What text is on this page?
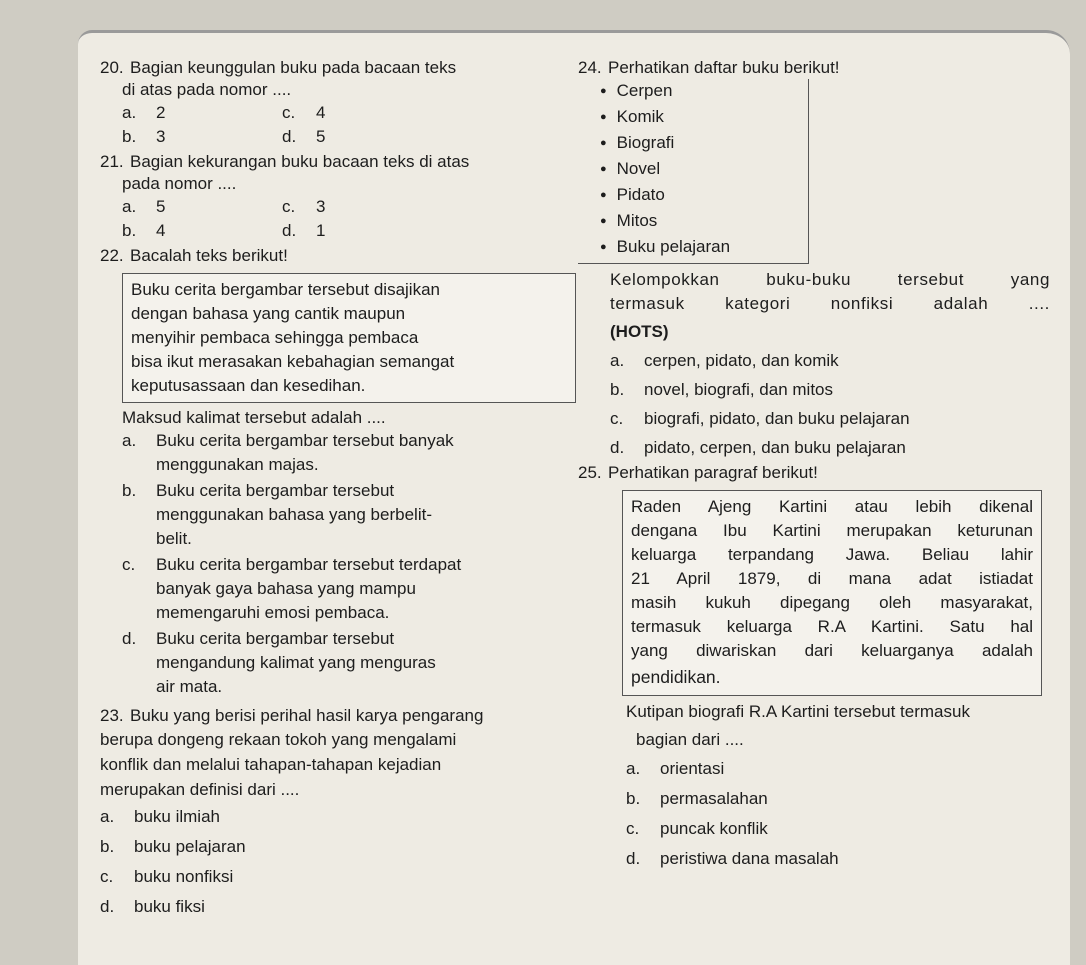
20. Bagian keunggulan buku pada bacaan teks

di atas pada nomor ....

a. 2	c. 4
b. 3	d. 5

21. Bagian kekurangan buku bacaan teks di atas

pada nomor ....

a. 5	c. 3
b. 4	d. 1

22. Bacalah teks berikut!

Buku cerita bergambar tersebut disajikan
dengan bahasa yang cantik maupun
menyihir pembaca sehingga pembaca
bisa ikut merasakan kebahagian semangat
keputusassaan dan kesedihan.

Maksud kalimat tersebut adalah ....

a. Buku cerita bergambar tersebut banyak
menggunakan majas.
b. Buku cerita bergambar tersebut
menggunakan bahasa yang berbelit-
belit.
c. Buku cerita bergambar tersebut terdapat
banyak gaya bahasa yang mampu
memengaruhi emosi pembaca.
d. Buku cerita bergambar tersebut
mengandung kalimat yang menguras
air mata.

23. Buku yang berisi perihal hasil karya pengarang

berupa dongeng rekaan tokoh yang mengalami

konflik dan melalui tahapan-tahapan kejadian

merupakan definisi dari ....

a. buku ilmiah
b. buku pelajaran
c. buku nonfiksi
d. buku fiksi

24. Perhatikan daftar buku berikut!

● Cerpen
● Komik
● Biografi
● Novel
● Pidato
● Mitos
● Buku pelajaran
Kelompokkan buku-buku tersebut yang
termasuk kategori nonfiksi adalah ....
(HOTS)
a. cerpen, pidato, dan komik
b. novel, biografi, dan mitos
c. biografi, pidato, dan buku pelajaran
d. pidato, cerpen, dan buku pelajaran

25. Perhatikan paragraf berikut!

Raden Ajeng Kartini atau lebih dikenal
dengana Ibu Kartini merupakan keturunan
keluarga terpandang Jawa. Beliau lahir
21 April 1879, di mana adat istiadat
masih kukuh dipegang oleh masyarakat,
termasuk keluarga R.A Kartini. Satu hal
yang diwariskan dari keluarganya adalah
pendidikan.
Kutipan biografi R.A Kartini tersebut termasuk
bagian dari ....
a. orientasi
b. permasalahan
c. puncak konflik
d. peristiwa dana masalah
